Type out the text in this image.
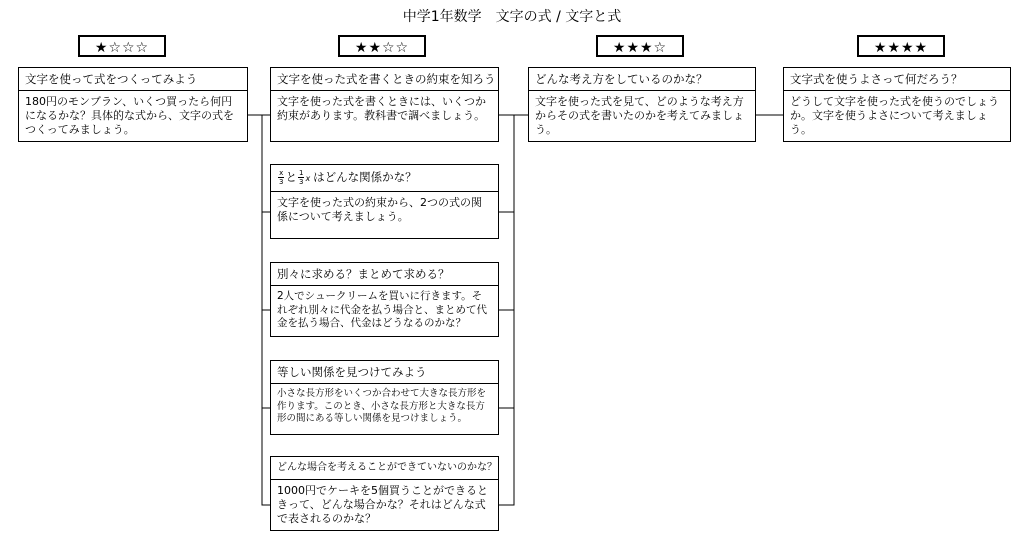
中学1年数学　文字の式 / 文字と式
★☆☆☆	★★☆☆	★★★☆	★★★★
文字を使って式をつくってみよう
180円のモンブラン、いくつ買ったら何円になるかな？具体的な式から、文字の式をつくってみましょう。
文字を使った式を書くときの約束を知ろう
文字を使った式を書くときには、いくつか約束があります。教科書で調べましょう。
$\frac{x}{3}$ と $\frac{1}{3}$ x はどんな関係かな？
文字を使った式の約束から、2つの式の関係について考えましょう。
別々に求める？まとめて求める？
2人でシュークリームを買いに行きます。それぞれ別々に代金を払う場合と、まとめて代金を払う場合、代金はどうなるのかな？
等しい関係を見つけてみよう
小さな長方形をいくつか合わせて大きな長方形を作ります。このとき、小さな長方形と大きな長方形の間にある等しい関係を見つけましょう。
どんな場合を考えることができていないのかな？
1000円でケーキを5個買うことができるときって、どんな場合かな？それはどんな式で表されるのかな？
どんな考え方をしているのかな？
文字を使った式を見て、どのような考え方からその式を書いたのかを考えてみましょう。
文字式を使うよさって何だろう？
どうして文字を使った式を使うのでしょうか。文字を使うよさについて考えましょう。
